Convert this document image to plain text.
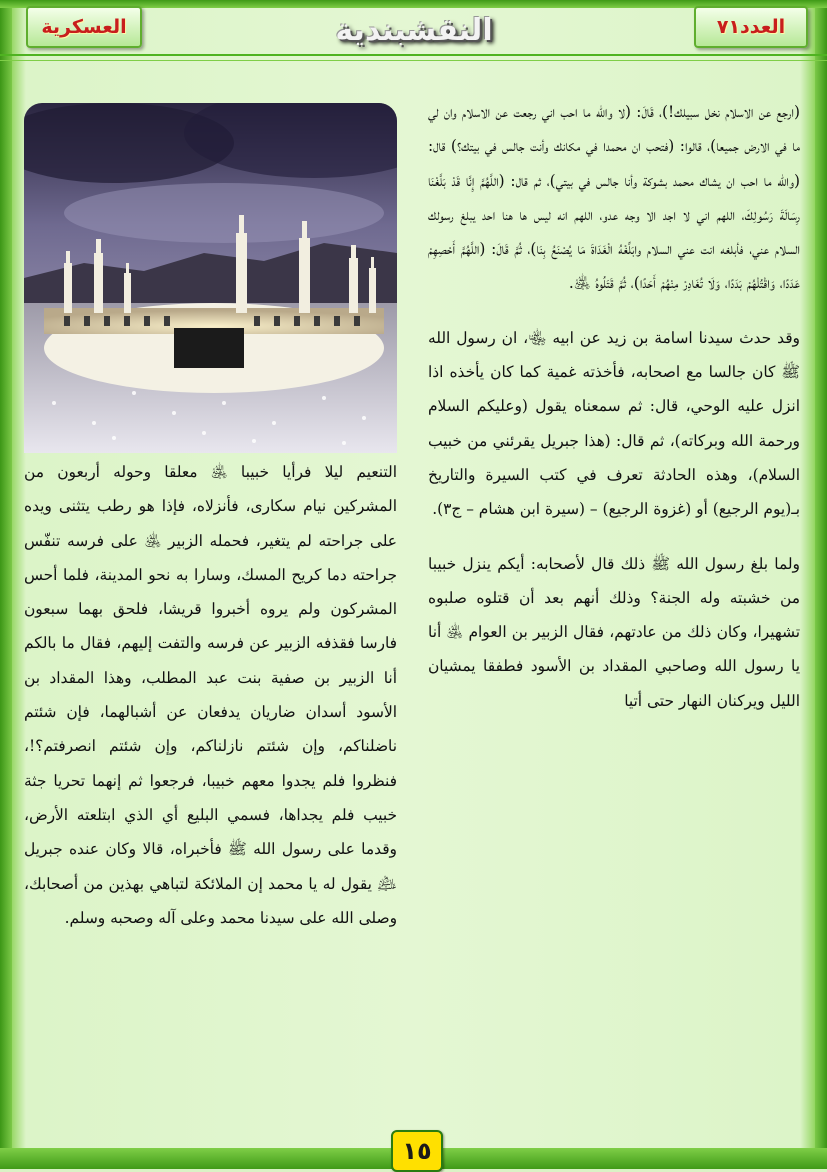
العسكرية	النقشبندية	العدد٧١

(ارجع عن الاسلام نخل سبيلك!)، قَالَ: (لا والله ما احب اني رجعت عن الاسلام وان لي ما في الارض جميعا)، قالوا: (فتحب ان محمدا في مكانك وأنت جالس في بيتك؟) قال: (والله ما احب ان يشاك محمد بشوكة وأنا جالس في بيتي)، ثم قال: (اللَّهُمَّ إِنَّا قَدْ بَلَّغْنَا رِسَالَةَ رَسُولِكَ، اللهم اني لا اجد الا وجه عدو، اللهم انه ليس ها هنا احد يبلغ رسولك السلام عني، فأبلغه انت عني السلام وابَلِّغْهُ الْغَدَاةَ مَا يُصْنَعُ بِنَا)، ثُمَّ قَالَ: (اللَّهُمَّ أَحْصِهِمْ عَدَدًا، وَاقْتُلْهُمْ بَدَدًا، وَلَا تُغَادِرْ مِنْهُمْ أَحَدًا)، ثُمَّ قَتَلُوهُ ﵁.

وقد حدث سيدنا اسامة بن زيد عن ابيه ﵄، ان رسول الله ﷺ كان جالسا مع اصحابه، فأخذته غمية كما كان يأخذه اذا انزل عليه الوحي، قال: ثم سمعناه يقول (وعليكم السلام ورحمة الله وبركاته)، ثم قال: (هذا جبريل يقرئني من خبيب السلام)، وهذه الحادثة تعرف في كتب السيرة والتاريخ بـ(يوم الرجيع) أو (غزوة الرجيع) – (سيرة ابن هشام – ج٣).

ولما بلغ رسول الله ﷺ ذلك قال لأصحابه: أيكم ينزل خبيبا من خشبته وله الجنة؟ وذلك أنهم بعد أن قتلوه صلبوه تشهيرا، وكان ذلك من عادتهم، فقال الزبير بن العوام ﵁ أنا يا رسول الله وصاحبي المقداد بن الأسود فطفقا يمشيان الليل ويركنان النهار حتى أتيا

التنعيم ليلا فرأيا خبيبا ﵁ معلقا وحوله أربعون من المشركين نيام سكارى، فأنزلاه، فإذا هو رطب يتثنى ويده على جراحته لم يتغير، فحمله الزبير ﵁ على فرسه تنفّس جراحته دما كريح المسك، وسارا به نحو المدينة، فلما أحس المشركون ولم يروه أخبروا قريشا، فلحق بهما سبعون فارسا فقذفه الزبير عن فرسه والتفت إليهم، فقال ما بالكم أنا الزبير بن صفية بنت عبد المطلب، وهذا المقداد بن الأسود أسدان ضاريان يدفعان عن أشبالهما، فإن شئتم ناضلناكم، وإن شئتم نازلناكم، وإن شئتم انصرفتم؟!، فنظروا فلم يجدوا معهم خبيبا، فرجعوا ثم إنهما تحريا جثة خبيب فلم يجداها، فسمي البليع أي الذي ابتلعته الأرض، وقدما على رسول الله ﷺ فأخبراه، قالا وكان عنده جبريل ﵇ يقول له يا محمد إن الملائكة لتباهي بهذين من أصحابك، وصلى الله على سيدنا محمد وعلى آله وصحبه وسلم.

١٥
